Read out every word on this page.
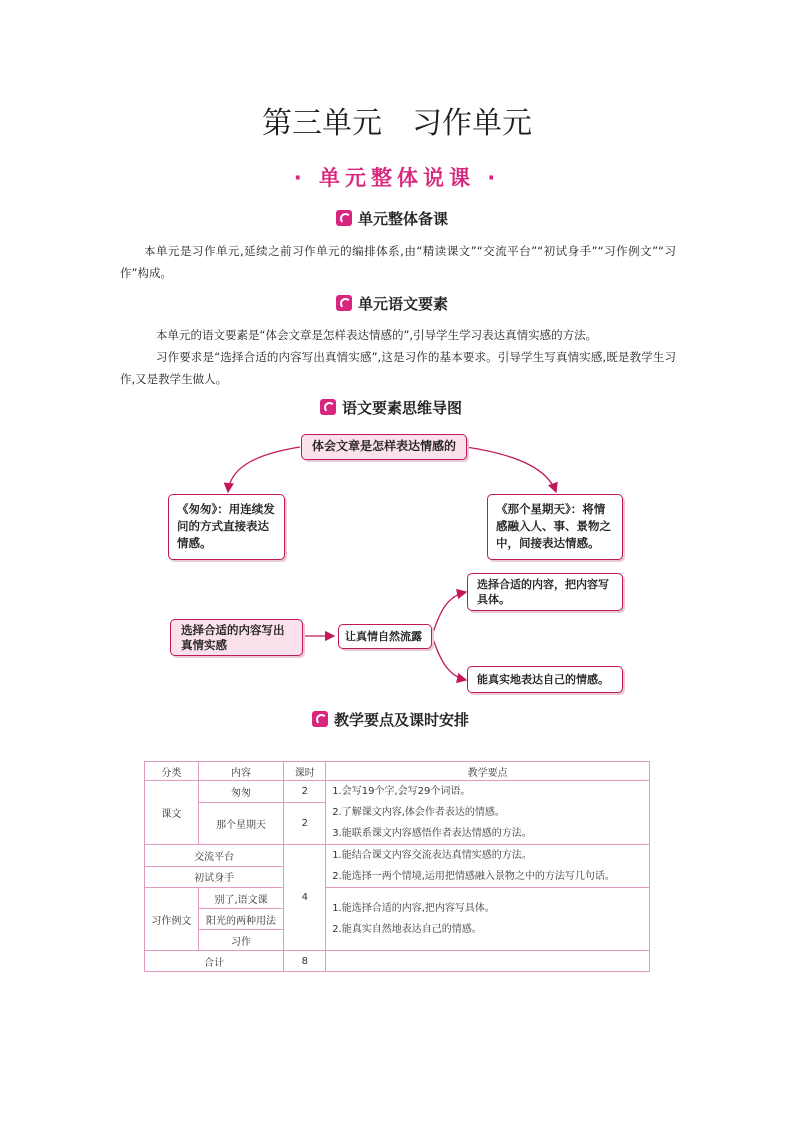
第三单元　习作单元
· 单元整体说课 ·
单元整体备课
本单元是习作单元,延续之前习作单元的编排体系,由“精读课文”“交流平台”“初试身手”“习作例文”“习作”构成。
单元语文要素
本单元的语文要素是“体会文章是怎样表达情感的”,引导学生学习表达真情实感的方法。
习作要求是“选择合适的内容写出真情实感”,这是习作的基本要求。引导学生写真情实感,既是教学生习作,又是教学生做人。
语文要素思维导图
体会文章是怎样表达情感的
《匆匆》：用连续发问的方式直接表达情感。
《那个星期天》：将情感融入人、事、景物之中，间接表达情感。
选择合适的内容写出真情实感
让真情自然流露
选择合适的内容，把内容写具体。
能真实地表达自己的情感。
教学要点及课时安排
分类	内容	课时	教学要点
课文	匆匆	2	1.会写19个字,会写29个词语。
2.了解课文内容,体会作者表达的情感。
3.能联系课文内容感悟作者表达情感的方法。

	那个星期天	2	
交流平台		4	1.能结合课文内容交流表达真情实感的方法。
2.能选择一两个情境,运用把情感融入景物之中的方法写几句话。

初试身手			
习作例文	别了,语文课		1.能选择合适的内容,把内容写具体。
2.能真实自然地表达自己的情感。

	阳光的两种用法		
	习作		
合计		8	
